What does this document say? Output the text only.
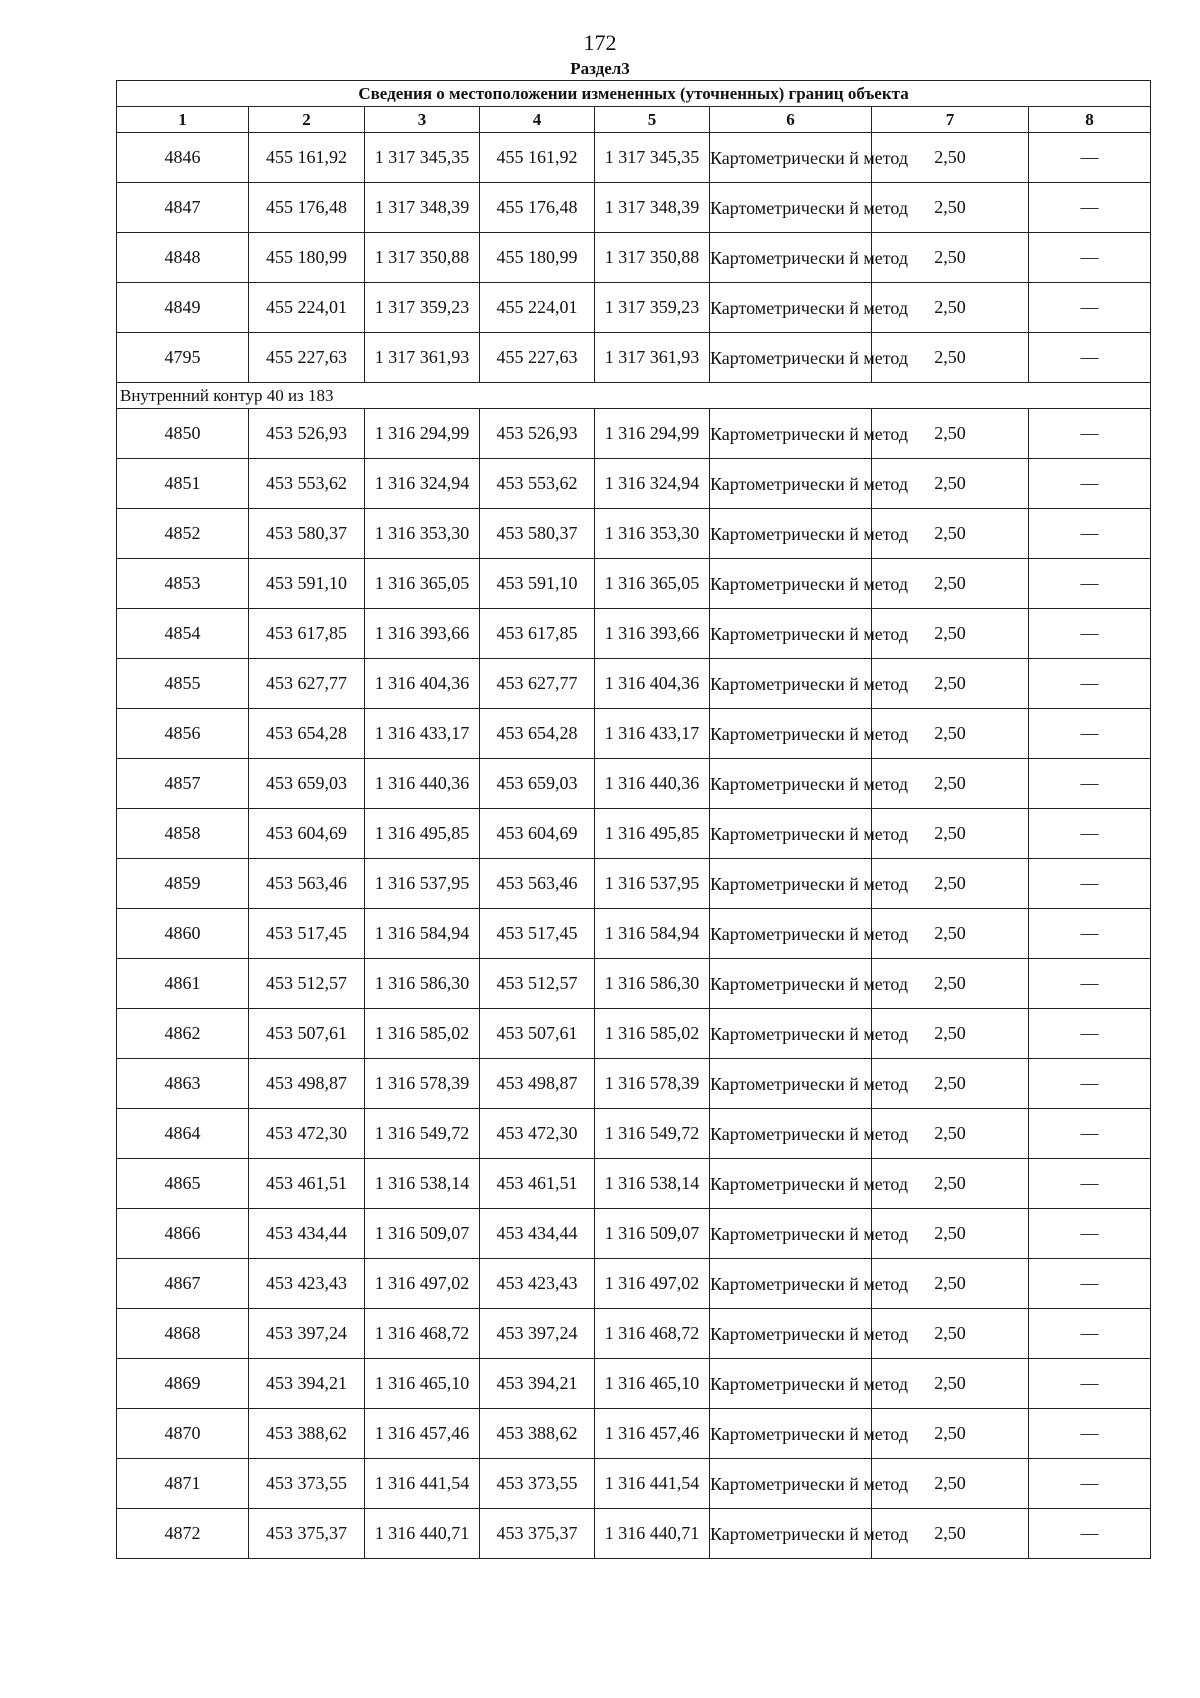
172
Раздел3
Сведения о местоположении измененных (уточненных) границ объекта							
1	2	3	4	5	6	7	8
4846	455 161,92	1 317 345,35	455 161,92	1 317 345,35	Картометрически й метод	2,50	—
4847	455 176,48	1 317 348,39	455 176,48	1 317 348,39	Картометрически й метод	2,50	—
4848	455 180,99	1 317 350,88	455 180,99	1 317 350,88	Картометрически й метод	2,50	—
4849	455 224,01	1 317 359,23	455 224,01	1 317 359,23	Картометрически й метод	2,50	—
4795	455 227,63	1 317 361,93	455 227,63	1 317 361,93	Картометрически й метод	2,50	—
Внутренний контур 40 из 183							
4850	453 526,93	1 316 294,99	453 526,93	1 316 294,99	Картометрически й метод	2,50	—
4851	453 553,62	1 316 324,94	453 553,62	1 316 324,94	Картометрически й метод	2,50	—
4852	453 580,37	1 316 353,30	453 580,37	1 316 353,30	Картометрически й метод	2,50	—
4853	453 591,10	1 316 365,05	453 591,10	1 316 365,05	Картометрически й метод	2,50	—
4854	453 617,85	1 316 393,66	453 617,85	1 316 393,66	Картометрически й метод	2,50	—
4855	453 627,77	1 316 404,36	453 627,77	1 316 404,36	Картометрически й метод	2,50	—
4856	453 654,28	1 316 433,17	453 654,28	1 316 433,17	Картометрически й метод	2,50	—
4857	453 659,03	1 316 440,36	453 659,03	1 316 440,36	Картометрически й метод	2,50	—
4858	453 604,69	1 316 495,85	453 604,69	1 316 495,85	Картометрически й метод	2,50	—
4859	453 563,46	1 316 537,95	453 563,46	1 316 537,95	Картометрически й метод	2,50	—
4860	453 517,45	1 316 584,94	453 517,45	1 316 584,94	Картометрически й метод	2,50	—
4861	453 512,57	1 316 586,30	453 512,57	1 316 586,30	Картометрически й метод	2,50	—
4862	453 507,61	1 316 585,02	453 507,61	1 316 585,02	Картометрически й метод	2,50	—
4863	453 498,87	1 316 578,39	453 498,87	1 316 578,39	Картометрически й метод	2,50	—
4864	453 472,30	1 316 549,72	453 472,30	1 316 549,72	Картометрически й метод	2,50	—
4865	453 461,51	1 316 538,14	453 461,51	1 316 538,14	Картометрически й метод	2,50	—
4866	453 434,44	1 316 509,07	453 434,44	1 316 509,07	Картометрически й метод	2,50	—
4867	453 423,43	1 316 497,02	453 423,43	1 316 497,02	Картометрически й метод	2,50	—
4868	453 397,24	1 316 468,72	453 397,24	1 316 468,72	Картометрически й метод	2,50	—
4869	453 394,21	1 316 465,10	453 394,21	1 316 465,10	Картометрически й метод	2,50	—
4870	453 388,62	1 316 457,46	453 388,62	1 316 457,46	Картометрически й метод	2,50	—
4871	453 373,55	1 316 441,54	453 373,55	1 316 441,54	Картометрически й метод	2,50	—
4872	453 375,37	1 316 440,71	453 375,37	1 316 440,71	Картометрически й метод	2,50	—
